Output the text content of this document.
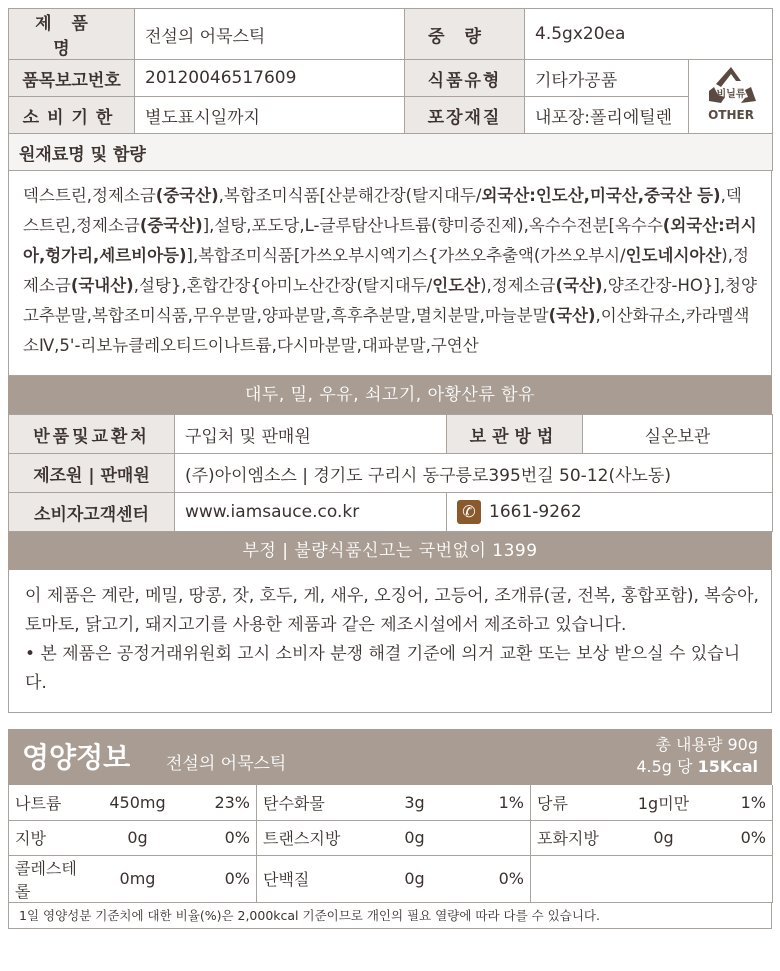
제품명	전설의 어묵스틱	중량	4.5gx20ea	
품목보고번호	20120046517609	식품유형	기타가공품	비닐류
OTHER

소비기한	별도표시일까지	포장재질	내포장:폴리에틸렌	
원재료명 및 함량				
덱스트린,정제소금(중국산),복합조미식품[산분해간장(탈지대두/외국산:인도산,미국산,중국산 등),덱스트린,정제소금(중국산)],설탕,포도당,L-글루탐산나트륨(향미증진제),옥수수전분[옥수수(외국산:러시아,헝가리,세르비아등)],복합조미식품[가쓰오부시엑기스{가쓰오추출액(가쓰오부시/인도네시아산),정제소금(국내산),설탕},혼합간장{아미노산간장(탈지대두/인도산),정제소금(국산),양조간장-HO}],청양고추분말,복합조미식품,무우분말,양파분말,흑후추분말,멸치분말,마늘분말(국산),이산화규소,카라멜색소Ⅳ,5'-리보뉴클레오티드이나트륨,다시마분말,대파분말,구연산
대두, 밀, 우유, 쇠고기, 아황산류 함유
반품및교환처	구입처 및 판매원	보관방법	실온보관
제조원 | 판매원	(주)아이엠소스 | 경기도 구리시 동구릉로395번길 50-12(사노동)		
소비자고객센터	www.iamsauce.co.kr	✆ 1661-9262	
부정 | 불량식품신고는 국번없이 1399
이 제품은 계란, 메밀, 땅콩, 잣, 호두, 게, 새우, 오징어, 고등어, 조개류(굴, 전복, 홍합포함), 복숭아, 토마토, 닭고기, 돼지고기를 사용한 제품과 같은 제조시설에서 제조하고 있습니다.
• 본 제품은 공정거래위원회 고시 소비자 분쟁 해결 기준에 의거 교환 또는 보상 받으실 수 있습니다.
영양정보 전설의 어묵스틱
총 내용량 90g
4.5g 당 15Kcal
나트륨	450mg	23%	탄수화물	3g	1%	당류	1g미만	1%
지방	0g	0%	트랜스지방	0g		포화지방	0g	0%
콜레스테롤	0mg	0%	단백질	0g	0%			
1일 영양성분 기준치에 대한 비율(%)은 2,000kcal 기준이므로 개인의 필요 열량에 따라 다를 수 있습니다.
